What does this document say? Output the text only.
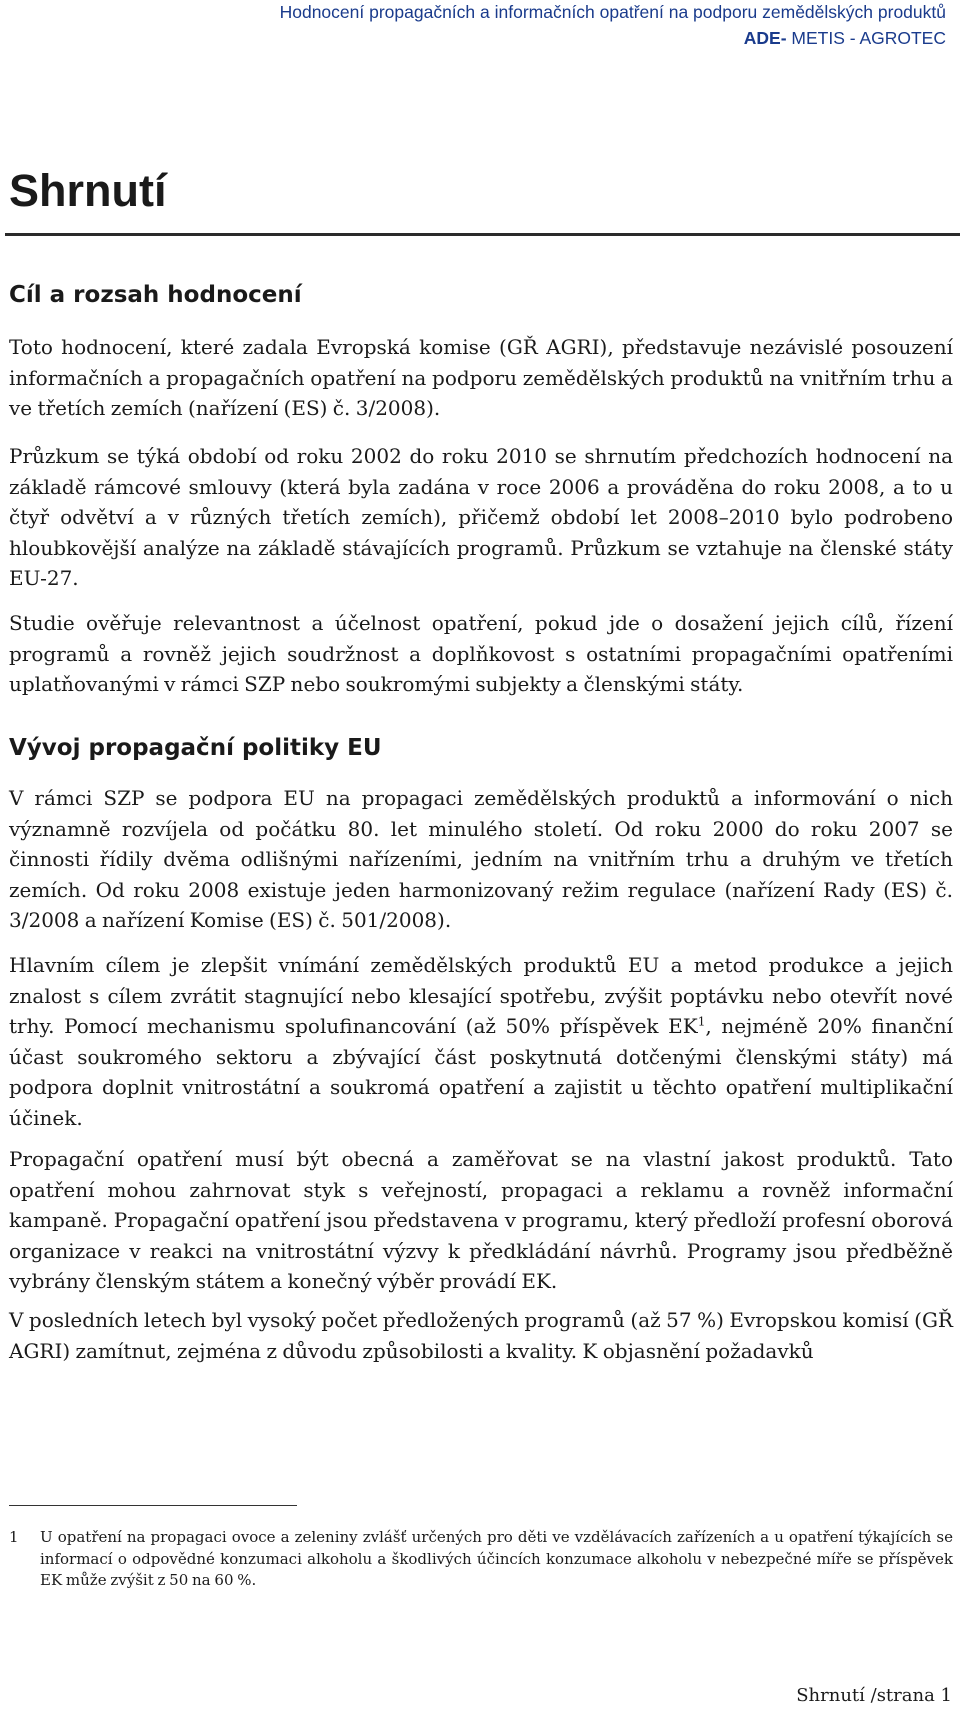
Hodnocení propagačních a informačních opatření na podporu zemědělských produktů
ADE- METIS - AGROTEC
Shrnutí
Cíl a rozsah hodnocení

Toto hodnocení, které zadala Evropská komise (GŘ AGRI), představuje nezávislé posouzení informačních a propagačních opatření na podporu zemědělských produktů na vnitřním trhu a ve třetích zemích (nařízení (ES) č. 3/2008).

Průzkum se týká období od roku 2002 do roku 2010 se shrnutím předchozích hodnocení na základě rámcové smlouvy (která byla zadána v roce 2006 a prováděna do roku 2008, a to u čtyř odvětví a v různých třetích zemích), přičemž období let 2008–2010 bylo podrobeno hloubkovější analýze na základě stávajících programů. Průzkum se vztahuje na členské státy EU-27.

Studie ověřuje relevantnost a účelnost opatření, pokud jde o dosažení jejich cílů, řízení programů a rovněž jejich soudržnost a doplňkovost s ostatními propagačními opatřeními uplatňovanými v rámci SZP nebo soukromými subjekty a členskými státy.

Vývoj propagační politiky EU

V rámci SZP se podpora EU na propagaci zemědělských produktů a informování o nich významně rozvíjela od počátku 80. let minulého století. Od roku 2000 do roku 2007 se činnosti řídily dvěma odlišnými nařízeními, jedním na vnitřním trhu a druhým ve třetích zemích. Od roku 2008 existuje jeden harmonizovaný režim regulace (nařízení Rady (ES) č. 3/2008 a nařízení Komise (ES) č. 501/2008).

Hlavním cílem je zlepšit vnímání zemědělských produktů EU a metod produkce a jejich znalost s cílem zvrátit stagnující nebo klesající spotřebu, zvýšit poptávku nebo otevřít nové trhy. Pomocí mechanismu spolufinancování (až 50% příspěvek $EK^1$, nejméně 20% finanční účast soukromého sektoru a zbývající část poskytnutá dotčenými členskými státy) má podpora doplnit vnitrostátní a soukromá opatření a zajistit u těchto opatření multiplikační účinek.

Propagační opatření musí být obecná a zaměřovat se na vlastní jakost produktů. Tato opatření mohou zahrnovat styk s veřejností, propagaci a reklamu a rovněž informační kampaně. Propagační opatření jsou představena v programu, který předloží profesní oborová organizace v reakci na vnitrostátní výzvy k předkládání návrhů. Programy jsou předběžně vybrány členským státem a konečný výběr provádí EK.

V posledních letech byl vysoký počet předložených programů (až 57 %) Evropskou komisí (GŘ AGRI) zamítnut, zejména z důvodu způsobilosti a kvality. K objasnění požadavků

1 U opatření na propagaci ovoce a zeleniny zvlášť určených pro děti ve vzdělávacích zařízeních a u opatření týkajících se informací o odpovědné konzumaci alkoholu a škodlivých účincích konzumace alkoholu v nebezpečné míře se příspěvek EK může zvýšit z 50 na 60 %.
Shrnutí /strana 1
